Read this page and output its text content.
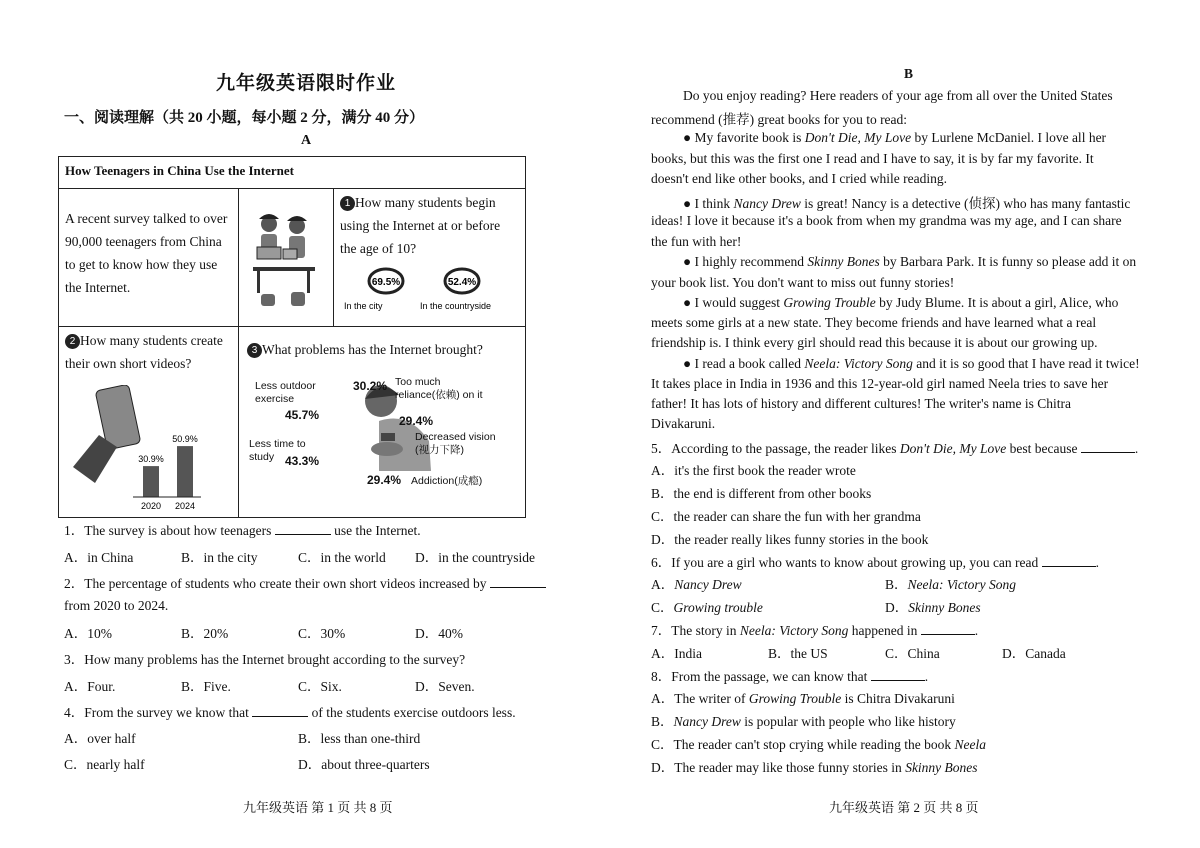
九年级英语限时作业
一、阅读理解（共 20 小题，每小题 2 分，满分 40 分）
A
How Teenagers in China Use the Internet
A recent survey talked to over
90,000 teenagers from China
to get to know how they use
the Internet.
1 How many students begin
using the Internet at or before
the age of 10?
69.5%
In the city
52.4%
In the countryside
2 How many students create
their own short videos?
30.9%
2020
50.9%
2024
3 What problems has the Internet brought?
Less outdoor
exercise
45.7%
30.2% Too much
reliance(依赖) on it
29.4%
Decreased vision
(视力下降)
Less time to
study 43.3%
29.4% Addiction(成瘾)
1．The survey is about how teenagers	use the Internet.
A．in China	B．in the city	C．in the world D．in the countryside
2．The percentage of students who create their own short videos increased by
from 2020 to 2024.
A．10%	B．20%	C．30%	D．40%
3．How many problems has the Internet brought according to the survey?
A．Four.	B．Five.	C．Six.	D．Seven.
4．From the survey we know that	of the students exercise outdoors less.
A．over half	B．less than one-third
C．nearly half	D．about three-quarters
九年级英语 第 1 页 共 8 页
B
Do you enjoy reading? Here readers of your age from all over the United States
recommend (推荐) great books for you to read:
● My favorite book is Don't Die, My Love by Lurlene McDaniel. I love all her
books, but this was the first one I read and I have to say, it is by far my favorite. It
doesn't end like other books, and I cried while reading.
● I think Nancy Drew is great! Nancy is a detective (侦探) who has many fantastic
ideas! I love it because it's a book from when my grandma was my age, and I can share
the fun with her!
● I highly recommend Skinny Bones by Barbara Park. It is funny so please add it on
your book list. You don't want to miss out funny stories!
● I would suggest Growing Trouble by Judy Blume. It is about a girl, Alice, who
meets some girls at a new state. They become friends and have learned what a real
friendship is. I think every girl should read this because it is about our growing up.
● I read a book called Neela: Victory Song and it is so good that I have read it twice!
It takes place in India in 1936 and this 12-year-old girl named Neela tries to save her
father! It has lots of history and different cultures! The writer's name is Chitra
Divakaruni.
5．According to the passage, the reader likes Don't Die, My Love best because	.
A．it's the first book the reader wrote
B．the end is different from other books
C．the reader can share the fun with her grandma
D．the reader really likes funny stories in the book
6．If you are a girl who wants to know about growing up, you can read	.
A．Nancy Drew	B．Neela: Victory Song
C．Growing trouble	D．Skinny Bones
7．The story in Neela: Victory Song happened in	.
A．India	B．the US	C．China	D．Canada
8．From the passage, we can know that	.
A．The writer of Growing Trouble is Chitra Divakaruni
B．Nancy Drew is popular with people who like history
C．The reader can't stop crying while reading the book Neela
D．The reader may like those funny stories in Skinny Bones
九年级英语 第 2 页 共 8 页
